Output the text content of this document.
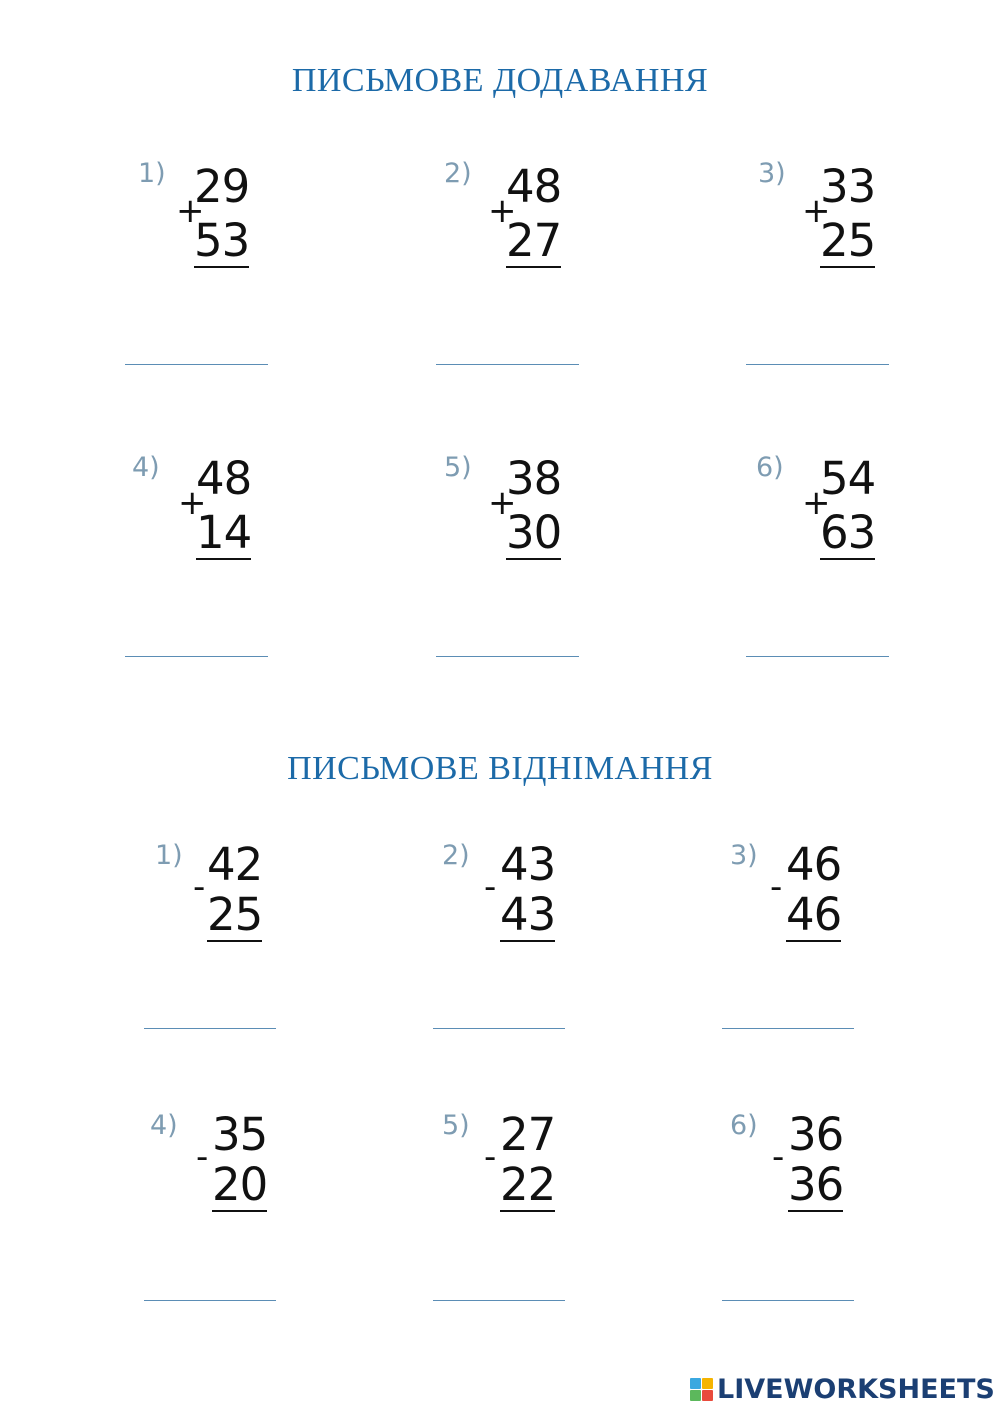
ПИСЬМОВЕ ДОДАВАННЯ
1) 29
+
53
2) 48
+
27
3) 33
+
25
4) 48
+
14
5) 38
+
30
6) 54
+
63
ПИСЬМОВЕ ВІДНІМАННЯ
1) 42
-
25
2) 43
-
43
3) 46
-
46
4) 35
-
20
5) 27
-
22
6) 36
-
36
LIVEWORKSHEETS
